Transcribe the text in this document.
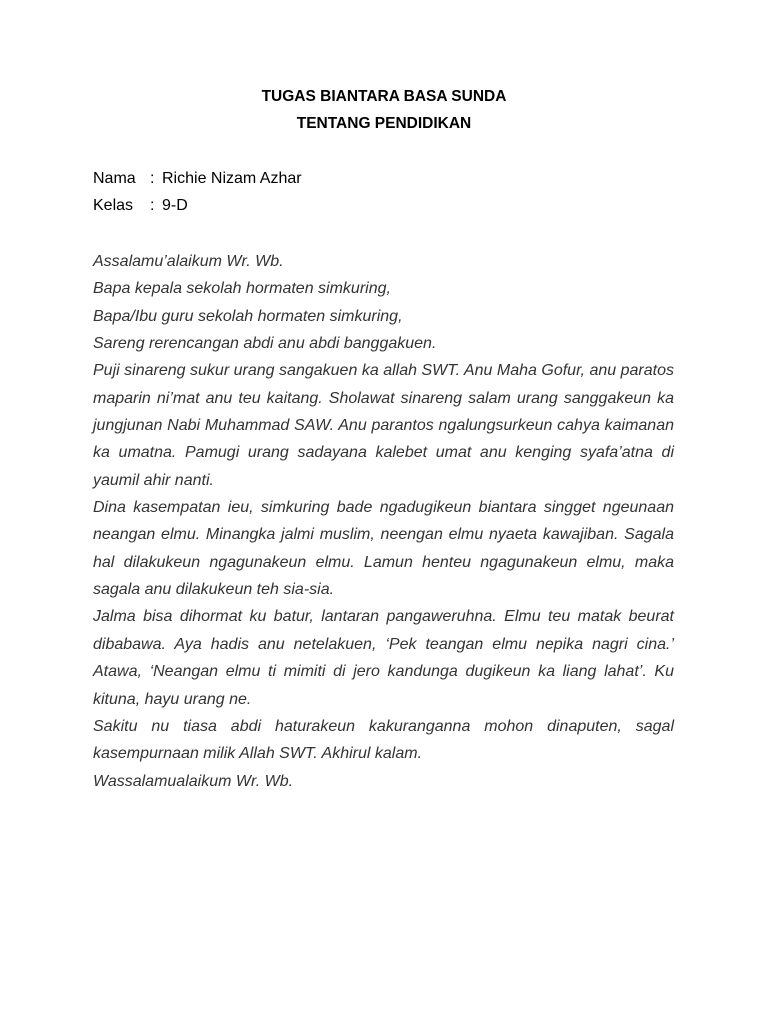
TUGAS BIANTARA BASA SUNDA
TENTANG PENDIDIKAN
Nama : Richie Nizam Azhar
Kelas	: 9-D

Assalamu’alaikum Wr. Wb.

Bapa kepala sekolah hormaten simkuring,

Bapa/Ibu guru sekolah hormaten simkuring,

Sareng rerencangan abdi anu abdi banggakuen.

Puji sinareng sukur urang sangakuen ka allah SWT. Anu Maha Gofur, anu paratos maparin ni’mat anu teu kaitang. Sholawat sinareng salam urang sanggakeun ka jungjunan Nabi Muhammad SAW. Anu parantos ngalungsurkeun cahya kaimanan ka umatna. Pamugi urang sadayana kalebet umat anu kenging syafa’atna di yaumil ahir nanti.

Dina kasempatan ieu, simkuring bade ngadugikeun biantara singget ngeunaan neangan elmu. Minangka jalmi muslim, neengan elmu nyaeta kawajiban. Sagala hal dilakukeun ngagunakeun elmu. Lamun henteu ngagunakeun elmu, maka sagala anu dilakukeun teh sia-sia.

Jalma bisa dihormat ku batur, lantaran pangaweruhna. Elmu teu matak beurat dibabawa. Aya hadis anu netelakuen, ‘Pek teangan elmu nepika nagri cina.’ Atawa, ‘Neangan elmu ti mimiti di jero kandunga dugikeun ka liang lahat’. Ku kituna, hayu urang ne.

Sakitu nu tiasa abdi haturakeun kakuranganna mohon dinaputen, sagal kasempurnaan milik Allah SWT. Akhirul kalam.

Wassalamualaikum Wr. Wb.
